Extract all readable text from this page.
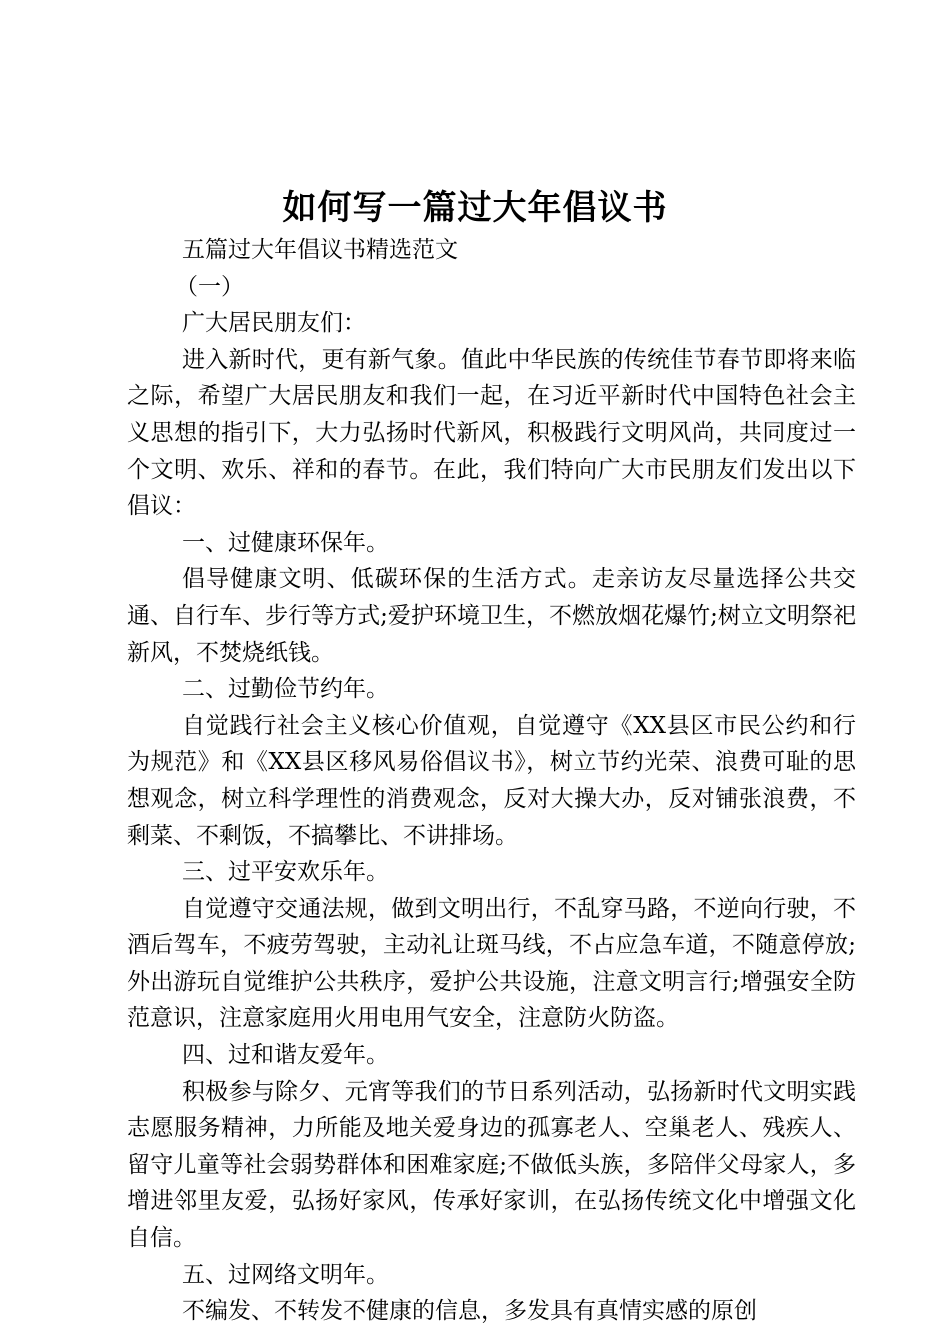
如何写一篇过大年倡议书

五篇过大年倡议书精选范文

（一）

广大居民朋友们：

进入新时代，更有新气象。值此中华民族的传统佳节春节即将来临之际，希望广大居民朋友和我们一起，在习近平新时代中国特色社会主义思想的指引下，大力弘扬时代新风，积极践行文明风尚，共同度过一个文明、欢乐、祥和的春节。在此，我们特向广大市民朋友们发出以下倡议：

一、过健康环保年。

倡导健康文明、低碳环保的生活方式。走亲访友尽量选择公共交通、自行车、步行等方式;爱护环境卫生，不燃放烟花爆竹;树立文明祭祀新风，不焚烧纸钱。

二、过勤俭节约年。

自觉践行社会主义核心价值观，自觉遵守《XX县区市民公约和行为规范》和《XX县区移风易俗倡议书》，树立节约光荣、浪费可耻的思想观念，树立科学理性的消费观念，反对大操大办，反对铺张浪费，不剩菜、不剩饭，不搞攀比、不讲排场。

三、过平安欢乐年。

自觉遵守交通法规，做到文明出行，不乱穿马路，不逆向行驶，不酒后驾车，不疲劳驾驶，主动礼让斑马线，不占应急车道，不随意停放;外出游玩自觉维护公共秩序，爱护公共设施，注意文明言行;增强安全防范意识，注意家庭用火用电用气安全，注意防火防盗。

四、过和谐友爱年。

积极参与除夕、元宵等我们的节日系列活动，弘扬新时代文明实践志愿服务精神，力所能及地关爱身边的孤寡老人、空巢老人、残疾人、留守儿童等社会弱势群体和困难家庭;不做低头族，多陪伴父母家人，多增进邻里友爱，弘扬好家风，传承好家训，在弘扬传统文化中增强文化自信。

五、过网络文明年。

不编发、不转发不健康的信息，多发具有真情实感的原创
